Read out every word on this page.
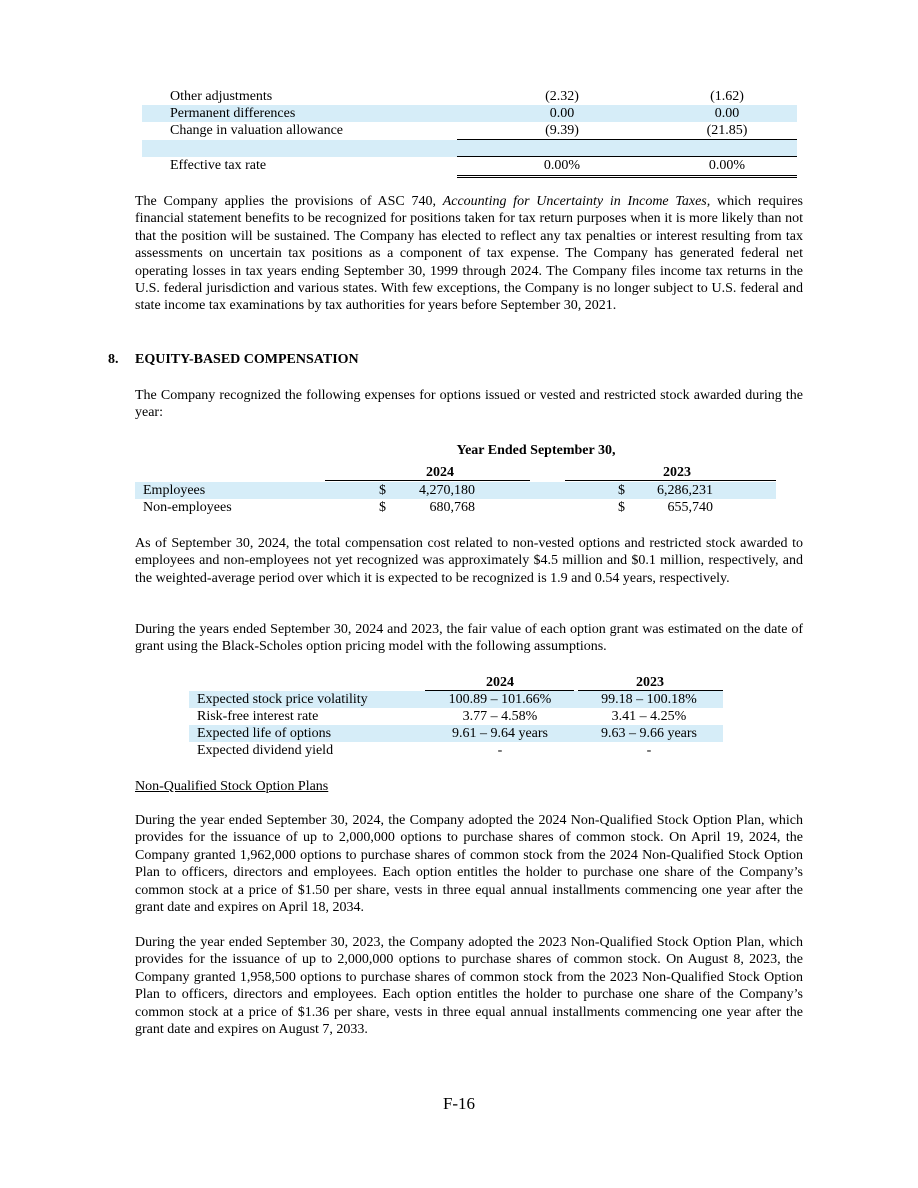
Other adjustments	(2.32)	(1.62)
Permanent differences	0.00	0.00
Change in valuation allowance	(9.39)	(21.85)
Effective tax rate	0.00%	0.00%

The Company applies the provisions of ASC 740, Accounting for Uncertainty in Income Taxes, which requires financial statement benefits to be recognized for positions taken for tax return purposes when it is more likely than not that the position will be sustained. The Company has elected to reflect any tax penalties or interest resulting from tax assessments on uncertain tax positions as a component of tax expense. The Company has generated federal net operating losses in tax years ending September 30, 1999 through 2024. The Company files income tax returns in the U.S. federal jurisdiction and various states. With few exceptions, the Company is no longer subject to U.S. federal and state income tax examinations by tax authorities for years before September 30, 2021.

8. EQUITY-BASED COMPENSATION

The Company recognized the following expenses for options issued or vested and restricted stock awarded during the year:

Year Ended September 30,
2024	2023
Employees	$	4,270,180	$	6,286,231
Non-employees	$	680,768	$	655,740

As of September 30, 2024, the total compensation cost related to non-vested options and restricted stock awarded to employees and non-employees not yet recognized was approximately $4.5 million and $0.1 million, respectively, and the weighted-average period over which it is expected to be recognized is 1.9 and 0.54 years, respectively.

During the years ended September 30, 2024 and 2023, the fair value of each option grant was estimated on the date of grant using the Black-Scholes option pricing model with the following assumptions.

2024	2023
Expected stock price volatility	100.89 – 101.66%	99.18 – 100.18%
Risk-free interest rate	3.77 – 4.58%	3.41 – 4.25%
Expected life of options	9.61 – 9.64 years	9.63 – 9.66 years
Expected dividend yield	-	-
Non-Qualified Stock Option Plans

During the year ended September 30, 2024, the Company adopted the 2024 Non-Qualified Stock Option Plan, which provides for the issuance of up to 2,000,000 options to purchase shares of common stock. On April 19, 2024, the Company granted 1,962,000 options to purchase shares of common stock from the 2024 Non-Qualified Stock Option Plan to officers, directors and employees. Each option entitles the holder to purchase one share of the Company’s common stock at a price of $1.50 per share, vests in three equal annual installments commencing one year after the grant date and expires on April 18, 2034.

During the year ended September 30, 2023, the Company adopted the 2023 Non-Qualified Stock Option Plan, which provides for the issuance of up to 2,000,000 options to purchase shares of common stock. On August 8, 2023, the Company granted 1,958,500 options to purchase shares of common stock from the 2023 Non-Qualified Stock Option Plan to officers, directors and employees. Each option entitles the holder to purchase one share of the Company’s common stock at a price of $1.36 per share, vests in three equal annual installments commencing one year after the grant date and expires on August 7, 2033.

F-16
